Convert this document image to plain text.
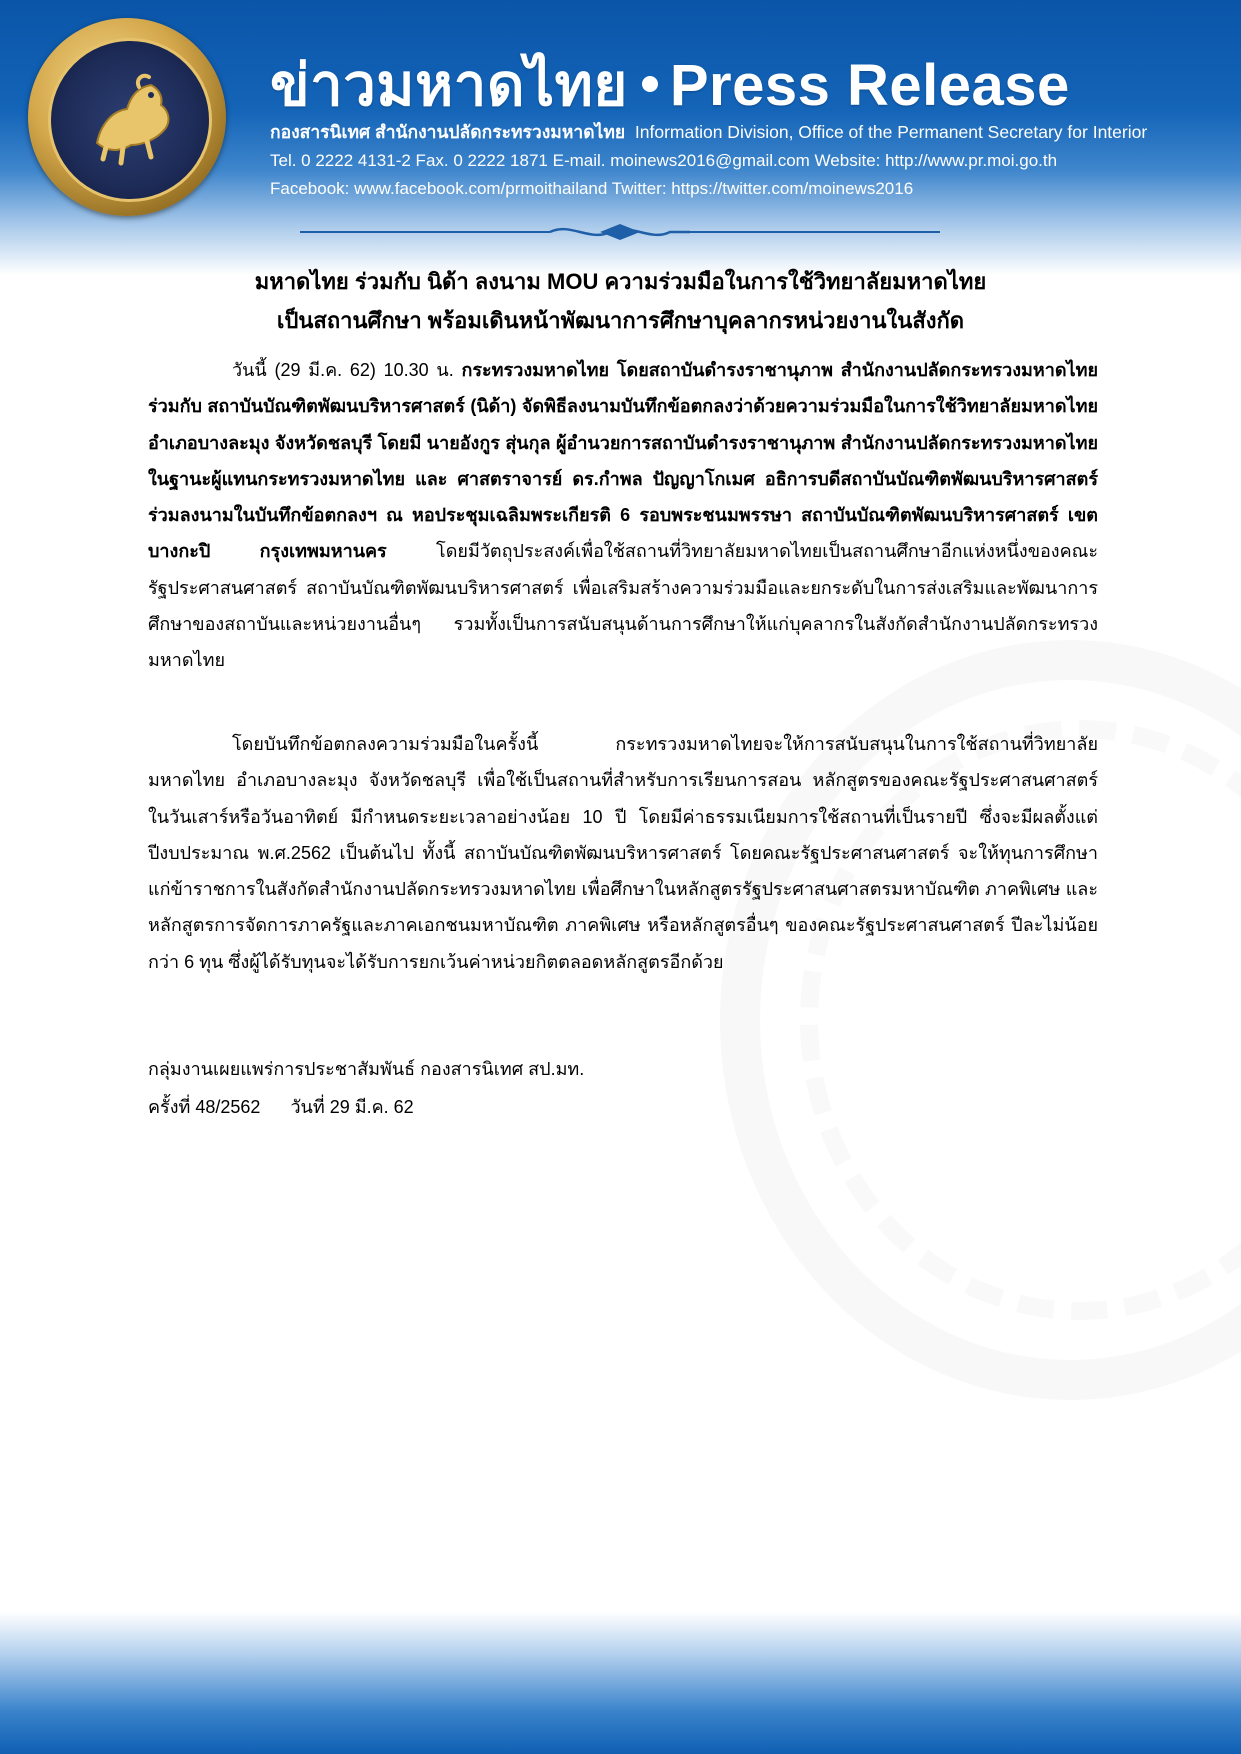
ข่าวมหาดไทย Press Release
กองสารนิเทศ สำนักงานปลัดกระทรวงมหาดไทย Information Division, Office of the Permanent Secretary for Interior
Tel. 0 2222 4131-2 Fax. 0 2222 1871 E-mail. moinews2016@gmail.com Website: http://www.pr.moi.go.th
Facebook: www.facebook.com/prmoithailand Twitter: https://twitter.com/moinews2016
มหาดไทย ร่วมกับ นิด้า ลงนาม MOU ความร่วมมือในการใช้วิทยาลัยมหาดไทย
เป็นสถานศึกษา พร้อมเดินหน้าพัฒนาการศึกษาบุคลากรหน่วยงานในสังกัด
วันนี้ (29 มี.ค. 62) 10.30 น. กระทรวงมหาดไทย โดยสถาบันดำรงราชานุภาพ สำนักงานปลัดกระทรวงมหาดไทย ร่วมกับ สถาบันบัณฑิตพัฒนบริหารศาสตร์ (นิด้า) จัดพิธีลงนามบันทึกข้อตกลงว่าด้วยความร่วมมือในการใช้วิทยาลัยมหาดไทย อำเภอบางละมุง จังหวัดชลบุรี โดยมี นายอังกูร สุ่นกุล ผู้อำนวยการสถาบันดำรงราชานุภาพ สำนักงานปลัดกระทรวงมหาดไทย ในฐานะผู้แทนกระทรวงมหาดไทย และ ศาสตราจารย์ ดร.กำพล ปัญญาโกเมศ อธิการบดีสถาบันบัณฑิตพัฒนบริหารศาสตร์ ร่วมลงนามในบันทึกข้อตกลงฯ ณ หอประชุมเฉลิมพระเกียรติ 6 รอบพระชนมพรรษา สถาบันบัณฑิตพัฒนบริหารศาสตร์ เขตบางกะปิ กรุงเทพมหานคร โดยมีวัตถุประสงค์เพื่อใช้สถานที่วิทยาลัยมหาดไทยเป็นสถานศึกษาอีกแห่งหนึ่งของคณะรัฐประศาสนศาสตร์ สถาบันบัณฑิตพัฒนบริหารศาสตร์ เพื่อเสริมสร้างความร่วมมือและยกระดับในการส่งเสริมและพัฒนาการศึกษาของสถาบันและหน่วยงานอื่นๆ รวมทั้งเป็นการสนับสนุนด้านการศึกษาให้แก่บุคลากรในสังกัดสำนักงานปลัดกระทรวงมหาดไทย
โดยบันทึกข้อตกลงความร่วมมือในครั้งนี้ กระทรวงมหาดไทยจะให้การสนับสนุนในการใช้สถานที่วิทยาลัยมหาดไทย อำเภอบางละมุง จังหวัดชลบุรี เพื่อใช้เป็นสถานที่สำหรับการเรียนการสอน หลักสูตรของคณะรัฐประศาสนศาสตร์ ในวันเสาร์หรือวันอาทิตย์ มีกำหนดระยะเวลาอย่างน้อย 10 ปี โดยมีค่าธรรมเนียมการใช้สถานที่เป็นรายปี ซึ่งจะมีผลตั้งแต่ปีงบประมาณ พ.ศ.2562 เป็นต้นไป ทั้งนี้ สถาบันบัณฑิตพัฒนบริหารศาสตร์ โดยคณะรัฐประศาสนศาสตร์ จะให้ทุนการศึกษาแก่ข้าราชการในสังกัดสำนักงานปลัดกระทรวงมหาดไทย เพื่อศึกษาในหลักสูตรรัฐประศาสนศาสตรมหาบัณฑิต ภาคพิเศษ และหลักสูตรการจัดการภาครัฐและภาคเอกชนมหาบัณฑิต ภาคพิเศษ หรือหลักสูตรอื่นๆ ของคณะรัฐประศาสนศาสตร์ ปีละไม่น้อยกว่า 6 ทุน ซึ่งผู้ได้รับทุนจะได้รับการยกเว้นค่าหน่วยกิตตลอดหลักสูตรอีกด้วย
กลุ่มงานเผยแพร่การประชาสัมพันธ์ กองสารนิเทศ สป.มท.
ครั้งที่ 48/2562 วันที่ 29 มี.ค. 62
